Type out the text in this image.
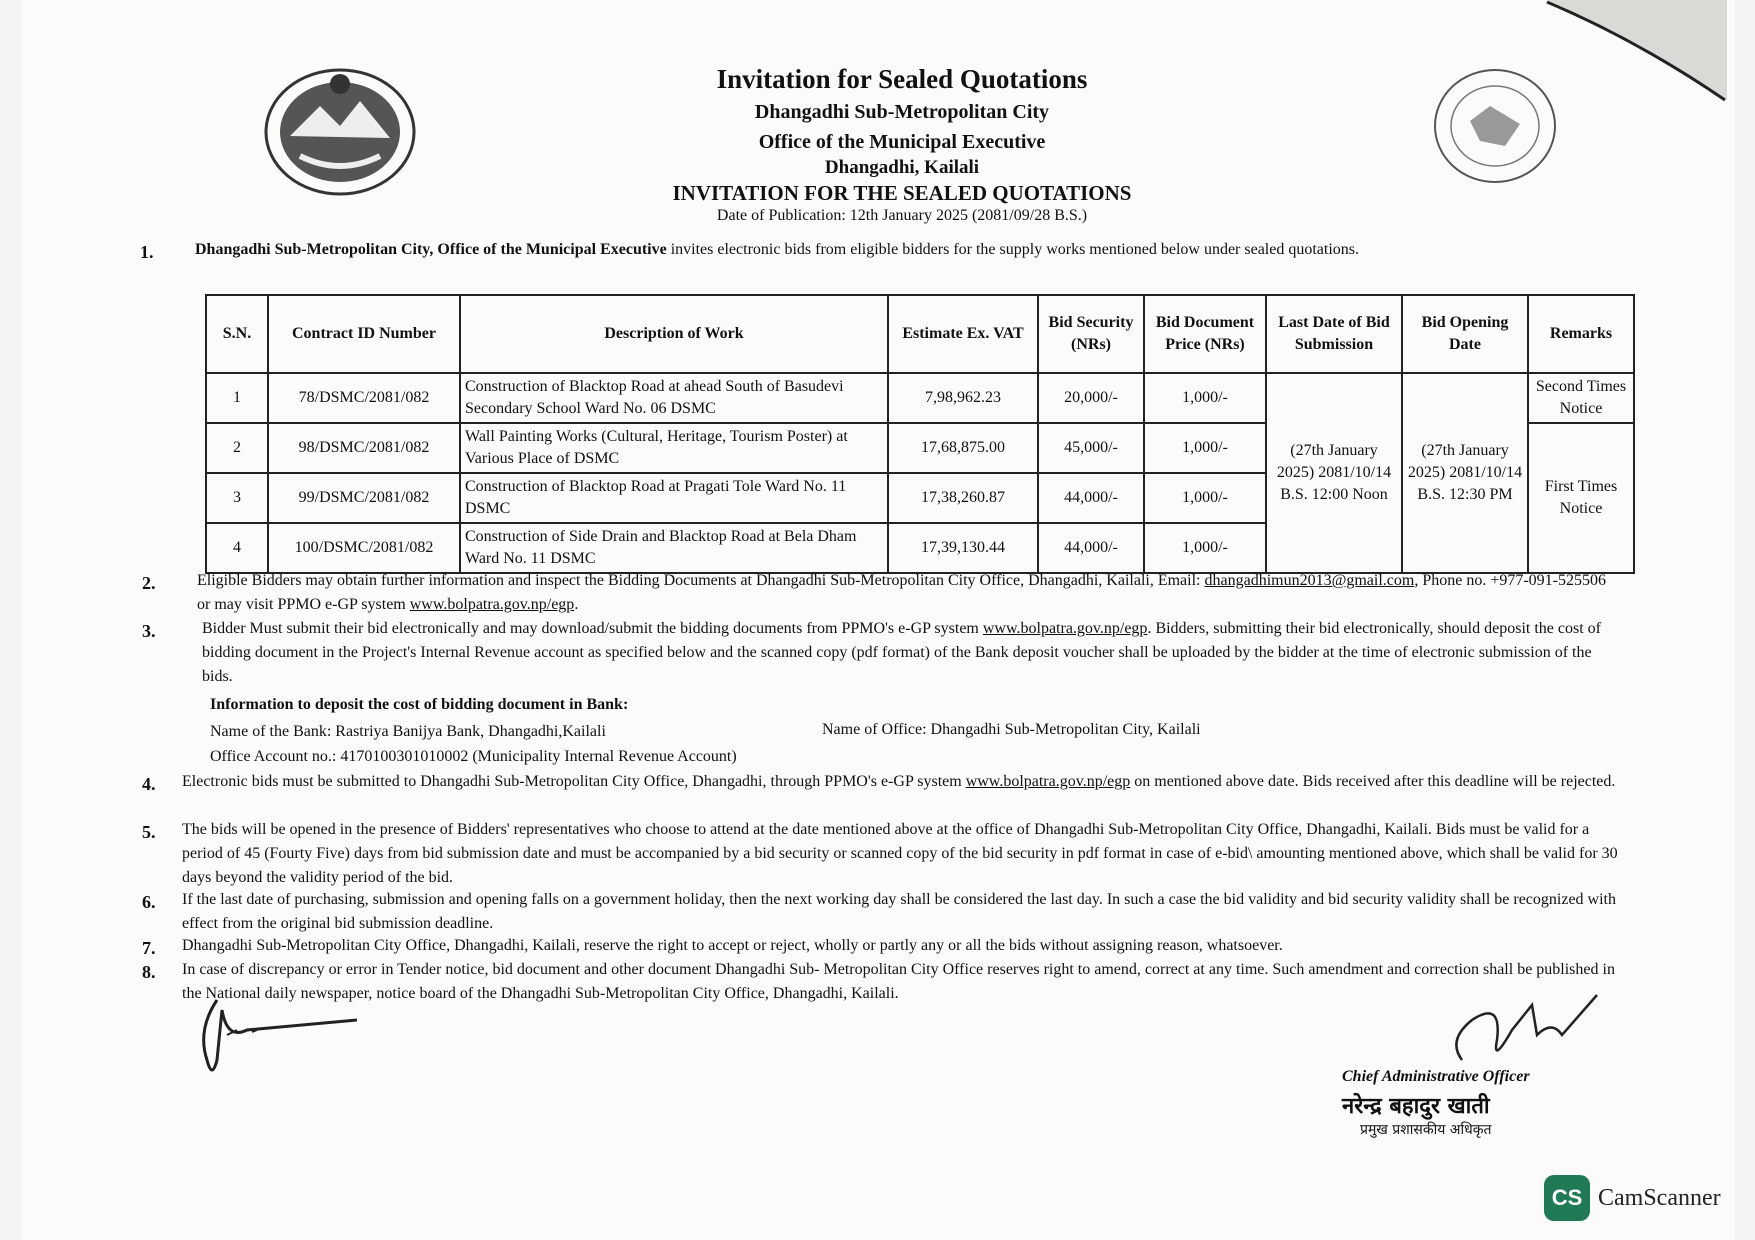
Invitation for Sealed Quotations
Dhangadhi Sub-Metropolitan City
Office of the Municipal Executive
Dhangadhi, Kailali
INVITATION FOR THE SEALED QUOTATIONS
Date of Publication: 12th January 2025 (2081/09/28 B.S.)
1.	Dhangadhi Sub-Metropolitan City, Office of the Municipal Executive invites electronic bids from eligible bidders for the supply works mentioned below under sealed quotations.
S.N.	Contract ID Number	Description of Work	Estimate Ex. VAT	Bid Security (NRs)	Bid Document Price (NRs)	Last Date of Bid Submission	Bid Opening Date	Remarks
1	78/DSMC/2081/082	Construction of Blacktop Road at ahead South of Basudevi Secondary School Ward No. 06 DSMC	7,98,962.23	20,000/-	1,000/-	(27th January 2025) 2081/10/14 B.S. 12:00 Noon	(27th January 2025) 2081/10/14 B.S. 12:30 PM	Second Times Notice
2	98/DSMC/2081/082	Wall Painting Works (Cultural, Heritage, Tourism Poster) at Various Place of DSMC	17,68,875.00	45,000/-	1,000/-			First Times Notice
3	99/DSMC/2081/082	Construction of Blacktop Road at Pragati Tole Ward No. 11 DSMC	17,38,260.87	44,000/-	1,000/-			
4	100/DSMC/2081/082	Construction of Side Drain and Blacktop Road at Bela Dham Ward No. 11 DSMC	17,39,130.44	44,000/-	1,000/-			
2.	Eligible Bidders may obtain further information and inspect the Bidding Documents at Dhangadhi Sub-Metropolitan City Office, Dhangadhi, Kailali, Email: dhangadhimun2013@gmail.com, Phone no. +977-091-525506 or may visit PPMO e-GP system www.bolpatra.gov.np/egp.
3.	Bidder Must submit their bid electronically and may download/submit the bidding documents from PPMO's e-GP system www.bolpatra.gov.np/egp. Bidders, submitting their bid electronically, should deposit the cost of bidding document in the Project's Internal Revenue account as specified below and the scanned copy (pdf format) of the Bank deposit voucher shall be uploaded by the bidder at the time of electronic submission of the bids.
Information to deposit the cost of bidding document in Bank:
Name of the Bank: Rastriya Banijya Bank, Dhangadhi,Kailali	Name of Office: Dhangadhi Sub-Metropolitan City, Kailali
Office Account no.: 4170100301010002 (Municipality Internal Revenue Account)
4. Electronic bids must be submitted to Dhangadhi Sub-Metropolitan City Office, Dhangadhi, through PPMO's e-GP system www.bolpatra.gov.np/egp on mentioned above date. Bids received after this deadline will be rejected.
5. The bids will be opened in the presence of Bidders' representatives who choose to attend at the date mentioned above at the office of Dhangadhi Sub-Metropolitan City Office, Dhangadhi, Kailali. Bids must be valid for a period of 45 (Fourty Five) days from bid submission date and must be accompanied by a bid security or scanned copy of the bid security in pdf format in case of e-bid\ amounting mentioned above, which shall be valid for 30 days beyond the validity period of the bid.
6. If the last date of purchasing, submission and opening falls on a government holiday, then the next working day shall be considered the last day. In such a case the bid validity and bid security validity shall be recognized with effect from the original bid submission deadline.
7. Dhangadhi Sub-Metropolitan City Office, Dhangadhi, Kailali, reserve the right to accept or reject, wholly or partly any or all the bids without assigning reason, whatsoever.
8. In case of discrepancy or error in Tender notice, bid document and other document Dhangadhi Sub- Metropolitan City Office reserves right to amend, correct at any time. Such amendment and correction shall be published in the National daily newspaper, notice board of the Dhangadhi Sub-Metropolitan City Office, Dhangadhi, Kailali.
Chief Administrative Officer
नरेन्द्र बहादुर खाती
प्रमुख प्रशासकीय अधिकृत
CS CamScanner
